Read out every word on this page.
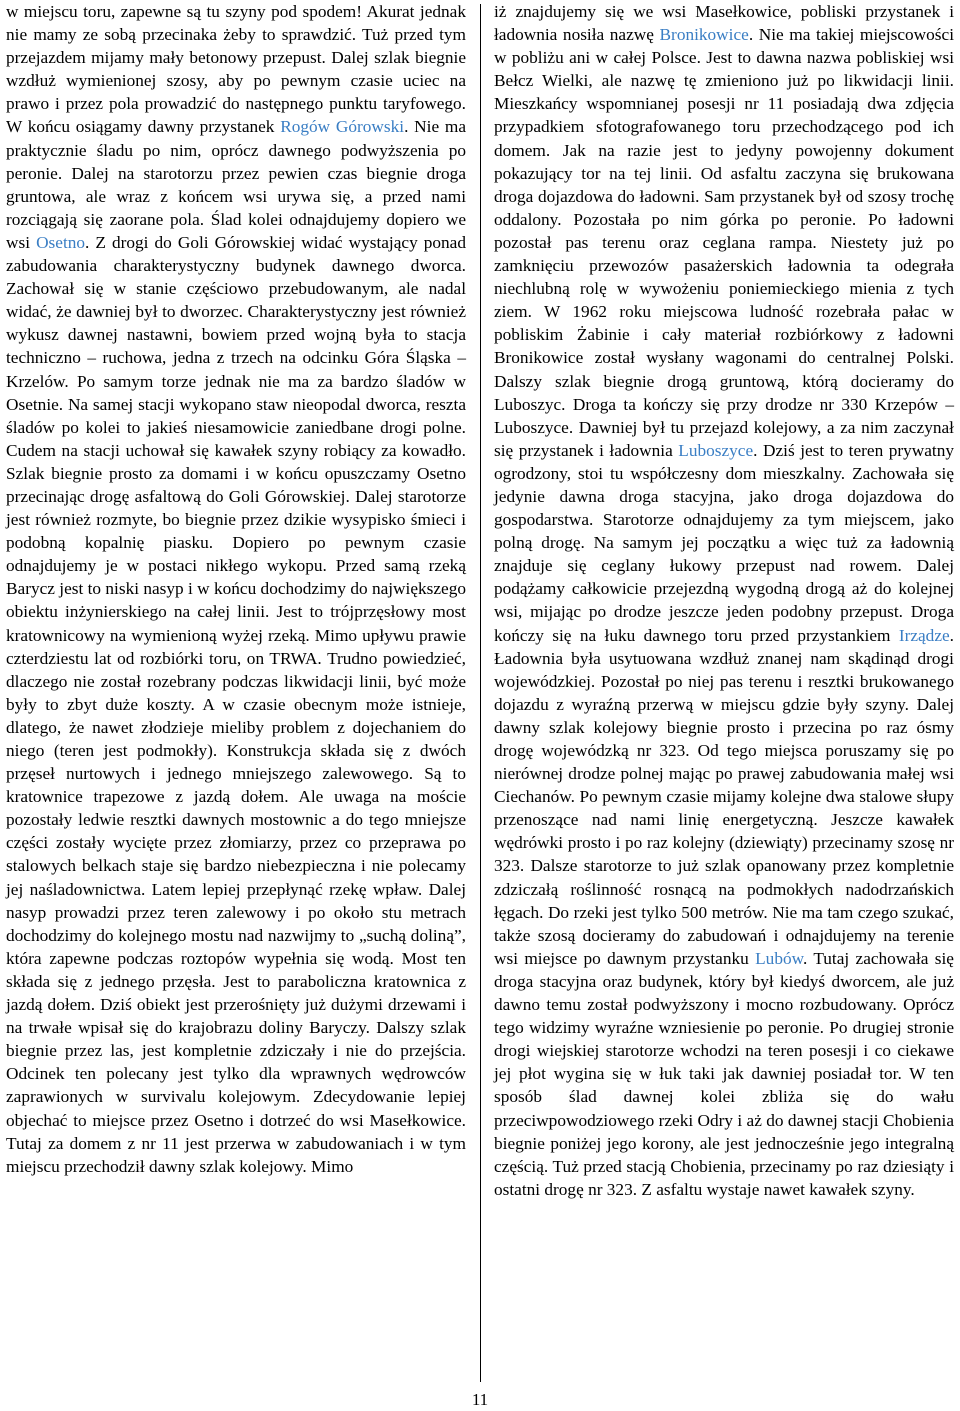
w miejscu toru, zapewne są tu szyny pod spodem! Akurat jednak nie mamy ze sobą przecinaka żeby to sprawdzić. Tuż przed tym przejazdem mijamy mały betonowy przepust. Dalej szlak biegnie wzdłuż wymienionej szosy, aby po pewnym czasie uciec na prawo i przez pola prowadzić do następnego punktu taryfowego. W końcu osiągamy dawny przystanek Rogów Górowski. Nie ma praktycznie śladu po nim, oprócz dawnego podwyższenia po peronie. Dalej na starotorzu przez pewien czas biegnie droga gruntowa, ale wraz z końcem wsi urywa się, a przed nami rozciągają się zaorane pola. Ślad kolei odnajdujemy dopiero we wsi Osetno. Z drogi do Goli Górowskiej widać wystający ponad zabudowania charakterystyczny budynek dawnego dworca. Zachował się w stanie częściowo przebudowanym, ale nadal widać, że dawniej był to dworzec. Charakterystyczny jest również wykusz dawnej nastawni, bowiem przed wojną była to stacja techniczno – ruchowa, jedna z trzech na odcinku Góra Śląska – Krzelów. Po samym torze jednak nie ma za bardzo śladów w Osetnie. Na samej stacji wykopano staw nieopodal dworca, reszta śladów po kolei to jakieś niesamowicie zaniedbane drogi polne. Cudem na stacji uchował się kawałek szyny robiący za kowadło. Szlak biegnie prosto za domami i w końcu opuszczamy Osetno przecinając drogę asfaltową do Goli Górowskiej. Dalej starotorze jest również rozmyte, bo biegnie przez dzikie wysypisko śmieci i podobną kopalnię piasku. Dopiero po pewnym czasie odnajdujemy je w postaci nikłego wykopu. Przed samą rzeką Barycz jest to niski nasyp i w końcu dochodzimy do największego obiektu inżynierskiego na całej linii. Jest to trójprzęsłowy most kratownicowy na wymienioną wyżej rzeką. Mimo upływu prawie czterdziestu lat od rozbiórki toru, on TRWA. Trudno powiedzieć, dlaczego nie został rozebrany podczas likwidacji linii, być może były to zbyt duże koszty. A w czasie obecnym może istnieje, dlatego, że nawet złodzieje mieliby problem z dojechaniem do niego (teren jest podmokły). Konstrukcja składa się z dwóch przęseł nurtowych i jednego mniejszego zalewowego. Są to kratownice trapezowe z jazdą dołem. Ale uwaga na moście pozostały ledwie resztki dawnych mostownic a do tego mniejsze części zostały wycięte przez złomiarzy, przez co przeprawa po stalowych belkach staje się bardzo niebezpieczna i nie polecamy jej naśladownictwa. Latem lepiej przepłynąć rzekę wpław. Dalej nasyp prowadzi przez teren zalewowy i po około stu metrach dochodzimy do kolejnego mostu nad nazwijmy to „suchą doliną”, która zapewne podczas roztopów wypełnia się wodą. Most ten składa się z jednego przęsła. Jest to paraboliczna kratownica z jazdą dołem. Dziś obiekt jest przerośnięty już dużymi drzewami i na trwałe wpisał się do krajobrazu doliny Baryczy. Dalszy szlak biegnie przez las, jest kompletnie zdziczały i nie do przejścia. Odcinek ten polecany jest tylko dla wprawnych wędrowców zaprawionych w survivalu kolejowym. Zdecydowanie lepiej objechać to miejsce przez Osetno i dotrzeć do wsi Masełkowice. Tutaj za domem z nr 11 jest przerwa w zabudowaniach i w tym miejscu przechodził dawny szlak kolejowy. Mimo

iż znajdujemy się we wsi Masełkowice, pobliski przystanek i ładownia nosiła nazwę Bronikowice. Nie ma takiej miejscowości w pobliżu ani w całej Polsce. Jest to dawna nazwa pobliskiej wsi Bełcz Wielki, ale nazwę tę zmieniono już po likwidacji linii. Mieszkańcy wspomnianej posesji nr 11 posiadają dwa zdjęcia przypadkiem sfotografowanego toru przechodzącego pod ich domem. Jak na razie jest to jedyny powojenny dokument pokazujący tor na tej linii. Od asfaltu zaczyna się brukowana droga dojazdowa do ładowni. Sam przystanek był od szosy trochę oddalony. Pozostała po nim górka po peronie. Po ładowni pozostał pas terenu oraz ceglana rampa. Niestety już po zamknięciu przewozów pasażerskich ładownia ta odegrała niechlubną rolę w wywożeniu poniemieckiego mienia z tych ziem. W 1962 roku miejscowa ludność rozebrała pałac w pobliskim Żabinie i cały materiał rozbiórkowy z ładowni Bronikowice został wysłany wagonami do centralnej Polski. Dalszy szlak biegnie drogą gruntową, którą docieramy do Luboszyc. Droga ta kończy się przy drodze nr 330 Krzepów – Luboszyce. Dawniej był tu przejazd kolejowy, a za nim zaczynał się przystanek i ładownia Luboszyce. Dziś jest to teren prywatny ogrodzony, stoi tu współczesny dom mieszkalny. Zachowała się jedynie dawna droga stacyjna, jako droga dojazdowa do gospodarstwa. Starotorze odnajdujemy za tym miejscem, jako polną drogę. Na samym jej początku a więc tuż za ładownią znajduje się ceglany łukowy przepust nad rowem. Dalej podążamy całkowicie przejezdną wygodną drogą aż do kolejnej wsi, mijając po drodze jeszcze jeden podobny przepust. Droga kończy się na łuku dawnego toru przed przystankiem Irządze. Ładownia była usytuowana wzdłuż znanej nam skądinąd drogi wojewódzkiej. Pozostał po niej pas terenu i resztki brukowanego dojazdu z wyraźną przerwą w miejscu gdzie były szyny. Dalej dawny szlak kolejowy biegnie prosto i przecina po raz ósmy drogę wojewódzką nr 323. Od tego miejsca poruszamy się po nierównej drodze polnej mając po prawej zabudowania małej wsi Ciechanów. Po pewnym czasie mijamy kolejne dwa stalowe słupy przenoszące nad nami linię energetyczną. Jeszcze kawałek wędrówki prosto i po raz kolejny (dziewiąty) przecinamy szosę nr 323. Dalsze starotorze to już szlak opanowany przez kompletnie zdziczałą roślinność rosnącą na podmokłych nadodrzańskich łęgach. Do rzeki jest tylko 500 metrów. Nie ma tam czego szukać, także szosą docieramy do zabudowań i odnajdujemy na terenie wsi miejsce po dawnym przystanku Lubów. Tutaj zachowała się droga stacyjna oraz budynek, który był kiedyś dworcem, ale już dawno temu został podwyższony i mocno rozbudowany. Oprócz tego widzimy wyraźne wzniesienie po peronie. Po drugiej stronie drogi wiejskiej starotorze wchodzi na teren posesji i co ciekawe jej płot wygina się w łuk taki jak dawniej posiadał tor. W ten sposób ślad dawnej kolei zbliża się do wału przeciwpowodziowego rzeki Odry i aż do dawnej stacji Chobienia biegnie poniżej jego korony, ale jest jednocześnie jego integralną częścią. Tuż przed stacją Chobienia, przecinamy po raz dziesiąty i ostatni drogę nr 323. Z asfaltu wystaje nawet kawałek szyny.

11
